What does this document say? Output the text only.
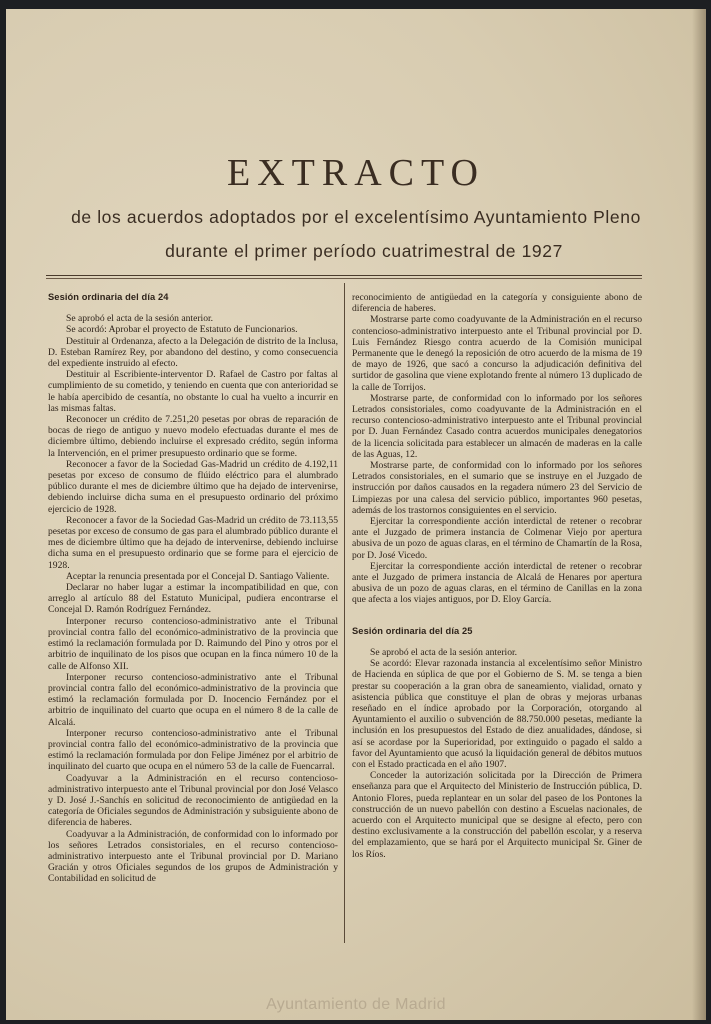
EXTRACTO
de los acuerdos adoptados por el excelentísimo Ayuntamiento Pleno
durante el primer período cuatrimestral de 1927
Sesión ordinaria del día 24

Se aprobó el acta de la sesión anterior.

Se acordó: Aprobar el proyecto de Estatuto de Funcionarios.

Destituir al Ordenanza, afecto a la Delegación de distrito de la Inclusa, D. Esteban Ramírez Rey, por abandono del destino, y como consecuencia del expediente instruido al efecto.

Destituir al Escribiente-interventor D. Rafael de Castro por faltas al cumplimiento de su cometido, y teniendo en cuenta que con anterioridad se le había apercibido de cesantía, no obstante lo cual ha vuelto a incurrir en las mismas faltas.

Reconocer un crédito de 7.251,20 pesetas por obras de reparación de bocas de riego de antiguo y nuevo modelo efectuadas durante el mes de diciembre último, debiendo incluirse el expresado crédito, según informa la Intervención, en el primer presupuesto ordinario que se forme.

Reconocer a favor de la Sociedad Gas-Madrid un crédito de 4.192,11 pesetas por exceso de consumo de flúido eléctrico para el alumbrado público durante el mes de diciembre último que ha dejado de intervenirse, debiendo incluirse dicha suma en el presupuesto ordinario del próximo ejercicio de 1928.

Reconocer a favor de la Sociedad Gas-Madrid un crédito de 73.113,55 pesetas por exceso de consumo de gas para el alumbrado público durante el mes de diciembre último que ha dejado de intervenirse, debiendo incluirse dicha suma en el presupuesto ordinario que se forme para el ejercicio de 1928.

Aceptar la renuncia presentada por el Concejal D. Santiago Valiente.

Declarar no haber lugar a estimar la incompatibilidad en que, con arreglo al artículo 88 del Estatuto Municipal, pudiera encontrarse el Concejal D. Ramón Rodríguez Fernández.

Interponer recurso contencioso-administrativo ante el Tribunal provincial contra fallo del económico-administrativo de la provincia que estimó la reclamación formulada por D. Raimundo del Pino y otros por el arbitrio de inquilinato de los pisos que ocupan en la finca número 10 de la calle de Alfonso XII.

Interponer recurso contencioso-administrativo ante el Tribunal provincial contra fallo del económico-administrativo de la provincia que estimó la reclamación formulada por D. Inocencio Fernández por el arbitrio de inquilinato del cuarto que ocupa en el número 8 de la calle de Alcalá.

Interponer recurso contencioso-administrativo ante el Tribunal provincial contra fallo del económico-administrativo de la provincia que estimó la reclamación formulada por don Felipe Jiménez por el arbitrio de inquilinato del cuarto que ocupa en el número 53 de la calle de Fuencarral.

Coadyuvar a la Administración en el recurso contencioso-administrativo interpuesto ante el Tribunal provincial por don José Velasco y D. José J.-Sanchís en solicitud de reconocimiento de antigüedad en la categoría de Oficiales segundos de Administración y subsiguiente abono de diferencia de haberes.

Coadyuvar a la Administración, de conformidad con lo informado por los señores Letrados consistoriales, en el recurso contencioso-administrativo interpuesto ante el Tribunal provincial por D. Mariano Gracián y otros Oficiales segundos de los grupos de Administración y Contabilidad en solicitud de

reconocimiento de antigüedad en la categoría y consiguiente abono de diferencia de haberes.

Mostrarse parte como coadyuvante de la Administración en el recurso contencioso-administrativo interpuesto ante el Tribunal provincial por D. Luis Fernández Riesgo contra acuerdo de la Comisión municipal Permanente que le denegó la reposición de otro acuerdo de la misma de 19 de mayo de 1926, que sacó a concurso la adjudicación definitiva del surtidor de gasolina que viene explotando frente al número 13 duplicado de la calle de Torrijos.

Mostrarse parte, de conformidad con lo informado por los señores Letrados consistoriales, como coadyuvante de la Administración en el recurso contencioso-administrativo interpuesto ante el Tribunal provincial por D. Juan Fernández Casado contra acuerdos municipales denegatorios de la licencia solicitada para establecer un almacén de maderas en la calle de las Aguas, 12.

Mostrarse parte, de conformidad con lo informado por los señores Letrados consistoriales, en el sumario que se instruye en el Juzgado de instrucción por daños causados en la regadera número 23 del Servicio de Limpiezas por una calesa del servicio público, importantes 960 pesetas, además de los trastornos consiguientes en el servicio.

Ejercitar la correspondiente acción interdictal de retener o recobrar ante el Juzgado de primera instancia de Colmenar Viejo por apertura abusiva de un pozo de aguas claras, en el término de Chamartín de la Rosa, por D. José Vicedo.

Ejercitar la correspondiente acción interdictal de retener o recobrar ante el Juzgado de primera instancia de Alcalá de Henares por apertura abusiva de un pozo de aguas claras, en el término de Canillas en la zona que afecta a los viajes antiguos, por D. Eloy García.

Sesión ordinaria del día 25

Se aprobó el acta de la sesión anterior.

Se acordó: Elevar razonada instancia al excelentísimo señor Ministro de Hacienda en súplica de que por el Gobierno de S. M. se tenga a bien prestar su cooperación a la gran obra de saneamiento, vialidad, ornato y asistencia pública que constituye el plan de obras y mejoras urbanas reseñado en el índice aprobado por la Corporación, otorgando al Ayuntamiento el auxilio o subvención de 88.750.000 pesetas, mediante la inclusión en los presupuestos del Estado de diez anualidades, dándose, si así se acordase por la Superioridad, por extinguido o pagado el saldo a favor del Ayuntamiento que acusó la liquidación general de débitos mutuos con el Estado practicada en el año 1907.

Conceder la autorización solicitada por la Dirección de Primera enseñanza para que el Arquitecto del Ministerio de Instrucción pública, D. Antonio Flores, pueda replantear en un solar del paseo de los Pontones la construcción de un nuevo pabellón con destino a Escuelas nacionales, de acuerdo con el Arquitecto municipal que se designe al efecto, pero con destino exclusivamente a la construcción del pabellón escolar, y a reserva del emplazamiento, que se hará por el Arquitecto municipal Sr. Giner de los Ríos.

Ayuntamiento de Madrid
